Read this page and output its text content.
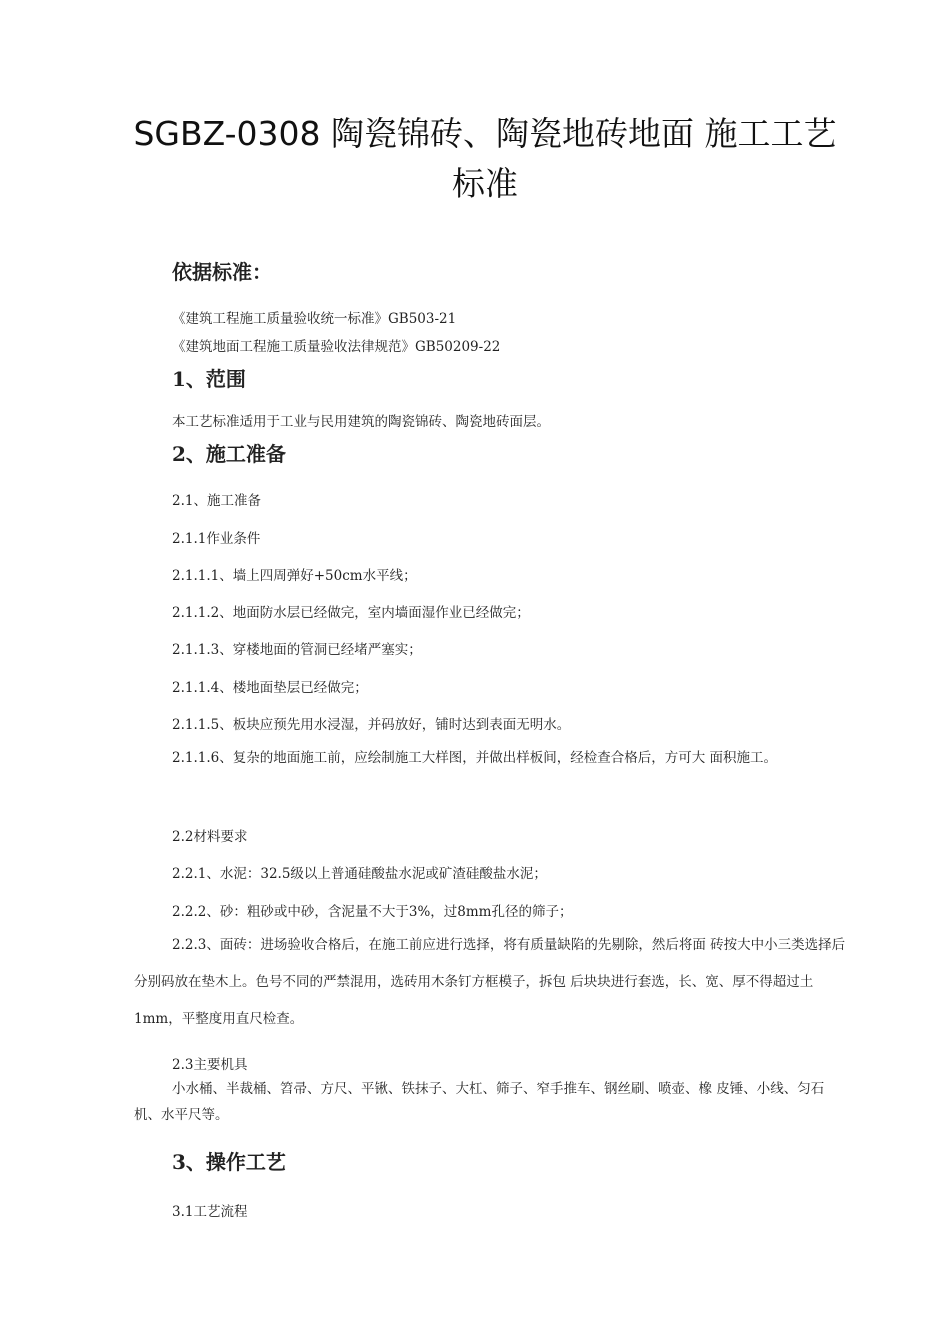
SGBZ-0308 陶瓷锦砖、陶瓷地砖地面 施工工艺
标准
依据标准：
《建筑工程施工质量验收统一标准》GB503-21
《建筑地面工程施工质量验收法律规范》GB50209-22
1、范围
本工艺标准适用于工业与民用建筑的陶瓷锦砖、陶瓷地砖面层。
2、施工准备
2.1、施工准备
2.1.1作业条件
2.1.1.1、墙上四周弹好+50cm水平线；
2.1.1.2、地面防水层已经做完，室内墙面湿作业已经做完；
2.1.1.3、穿楼地面的管洞已经堵严塞实；
2.1.1.4、楼地面垫层已经做完；
2.1.1.5、板块应预先用水浸湿，并码放好，铺时达到表面无明水。

2.1.1.6、复杂的地面施工前，应绘制施工大样图，并做出样板间，经检查合格后，方可大 面积施工。

2.2材料要求
2.2.1、水泥：32.5级以上普通硅酸盐水泥或矿渣硅酸盐水泥；
2.2.2、砂：粗砂或中砂，含泥量不大于3%，过8mm孔径的筛子；

2.2.3、面砖：进场验收合格后，在施工前应进行选择，将有质量缺陷的先剔除，然后将面 砖按大中小三类选择后分别码放在垫木上。色号不同的严禁混用，选砖用木条钉方框模子，拆包 后块块进行套选，长、宽、厚不得超过土 1mm，平整度用直尺检查。

2.3主要机具

小水桶、半裁桶、笤帚、方尺、平锹、铁抹子、大杠、筛子、窄手推车、钢丝刷、喷壶、橡 皮锤、小线、匀石机、水平尺等。

3、操作工艺
3.1工艺流程
